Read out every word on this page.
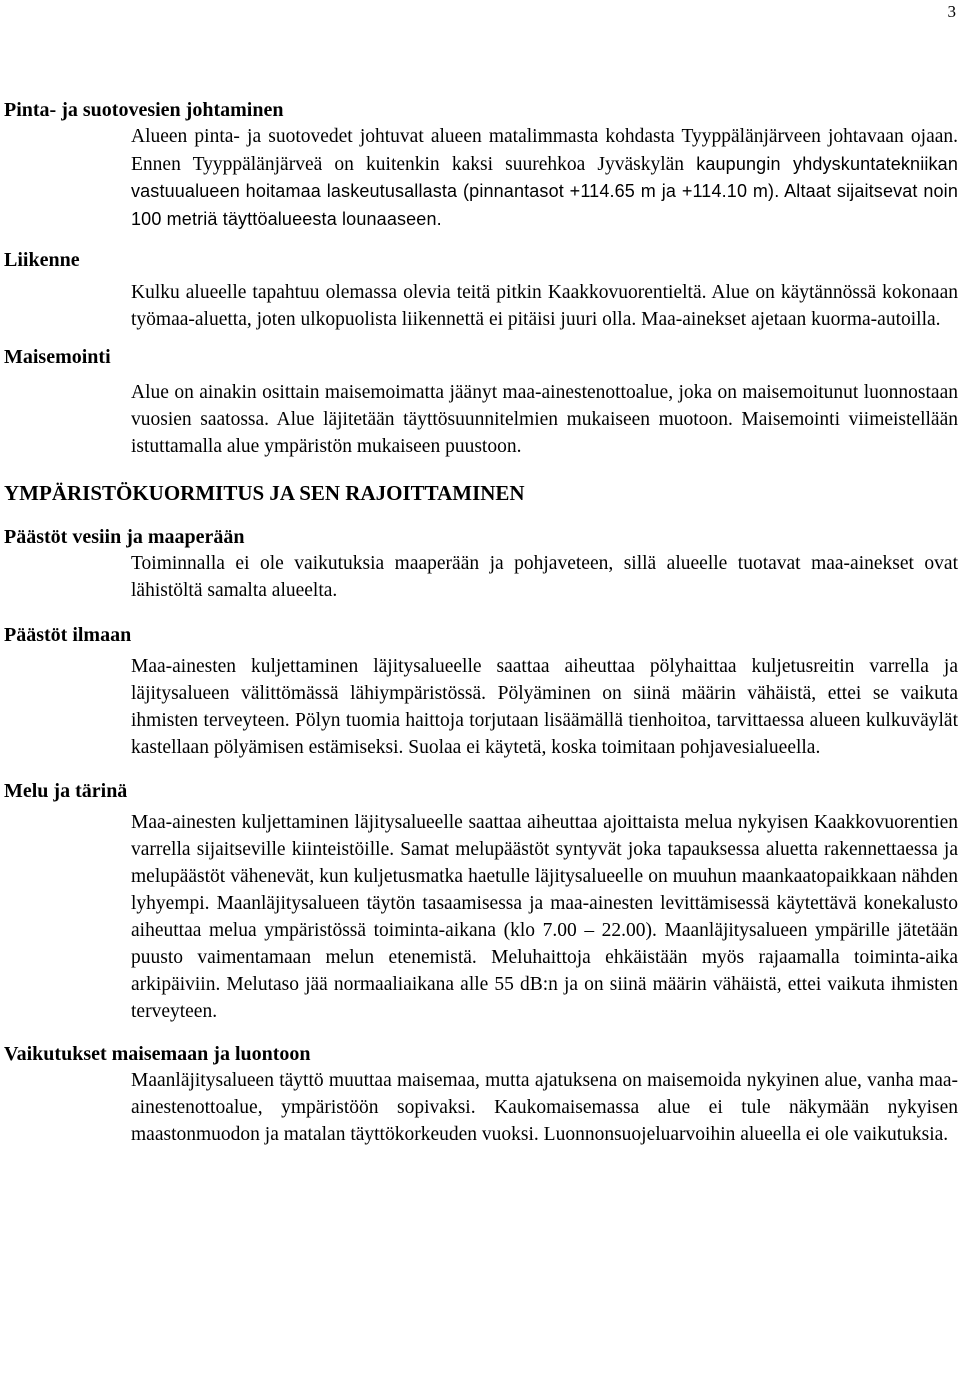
3
Pinta- ja suotovesien johtaminen

Alueen pinta- ja suotovedet johtuvat alueen matalimmasta kohdasta Tyyppälänjärveen johtavaan ojaan. Ennen Tyyppälänjärveä on kuitenkin kaksi suurehkoa Jyväskylän kaupungin yhdyskuntatekniikan vastuualueen hoitamaa laskeutusallasta (pinnantasot +114.65 m ja +114.10 m). Altaat sijaitsevat noin 100 metriä täyttöalueesta lounaaseen.

Liikenne

Kulku alueelle tapahtuu olemassa olevia teitä pitkin Kaakkovuorentieltä. Alue on käytännössä kokonaan työmaa-aluetta, joten ulkopuolista liikennettä ei pitäisi juuri olla. Maa-ainekset ajetaan kuorma-autoilla.

Maisemointi

Alue on ainakin osittain maisemoimatta jäänyt maa-ainestenottoalue, joka on maisemoitunut luonnostaan vuosien saatossa. Alue läjitetään täyttösuunnitelmien mukaiseen muotoon. Maisemointi viimeistellään istuttamalla alue ympäristön mukaiseen puustoon.

YMPÄRISTÖKUORMITUS JA SEN RAJOITTAMINEN
Päästöt vesiin ja maaperään

Toiminnalla ei ole vaikutuksia maaperään ja pohjaveteen, sillä alueelle tuotavat maa-ainekset ovat lähistöltä samalta alueelta.

Päästöt ilmaan

Maa-ainesten kuljettaminen läjitysalueelle saattaa aiheuttaa pölyhaittaa kuljetusreitin varrella ja läjitysalueen välittömässä lähiympäristössä. Pölyäminen on siinä määrin vähäistä, ettei se vaikuta ihmisten terveyteen. Pölyn tuomia haittoja torjutaan lisäämällä tienhoitoa, tarvittaessa alueen kulkuväylät kastellaan pölyämisen estämiseksi. Suolaa ei käytetä, koska toimitaan pohjavesialueella.

Melu ja tärinä

Maa-ainesten kuljettaminen läjitysalueelle saattaa aiheuttaa ajoittaista melua nykyisen Kaakkovuorentien varrella sijaitseville kiinteistöille. Samat melupäästöt syntyvät joka tapauksessa aluetta rakennettaessa ja melupäästöt vähenevät, kun kuljetusmatka haetulle läjitysalueelle on muuhun maankaatopaikkaan nähden lyhyempi. Maanläjitysalueen täytön tasaamisessa ja maa-ainesten levittämisessä käytettävä konekalusto aiheuttaa melua ympäristössä toiminta-aikana (klo 7.00 – 22.00). Maanläjitysalueen ympärille jätetään puusto vaimentamaan melun etenemistä. Meluhaittoja ehkäistään myös rajaamalla toiminta-aika arkipäiviin. Melutaso jää normaaliaikana alle 55 dB:n ja on siinä määrin vähäistä, ettei vaikuta ihmisten terveyteen.

Vaikutukset maisemaan ja luontoon

Maanläjitysalueen täyttö muuttaa maisemaa, mutta ajatuksena on maisemoida nykyinen alue, vanha maa-ainestenottoalue, ympäristöön sopivaksi. Kaukomaisemassa alue ei tule näkymään nykyisen maastonmuodon ja matalan täyttökorkeuden vuoksi. Luonnonsuojeluarvoihin alueella ei ole vaikutuksia.
